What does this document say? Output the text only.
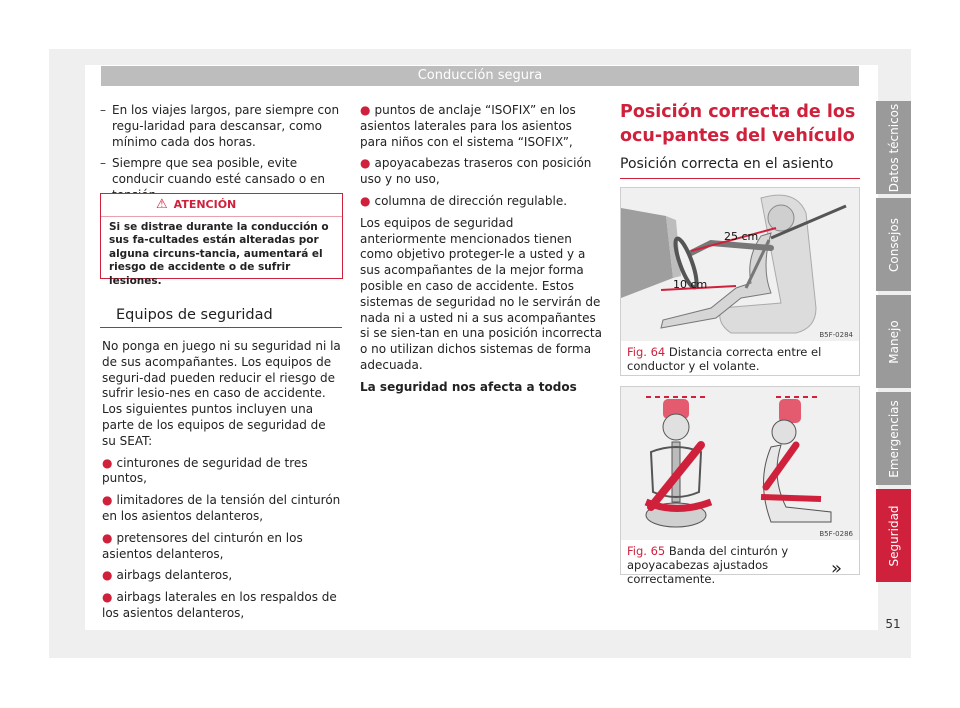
Conducción segura

– En los viajes largos, pare siempre con regu-laridad para descansar, como mínimo cada dos horas.

– Siempre que sea posible, evite conducir cuando esté cansado o en

⚠ ATENCIÓN
Si se distrae durante la conducción o sus fa-cultades están alteradas por alguna circuns-tancia, aumentará el riesgo de accidente o de sufrir lesiones.
Equipos de seguridad

No ponga en juego ni su seguridad ni la de sus acompañantes. Los equipos de seguri-dad pueden reducir el riesgo de sufrir lesio-nes en caso de accidente. Los siguientes puntos incluyen una parte de los equipos de seguridad de su SEAT:

● cinturones de seguridad de tres puntos,

● limitadores de la tensión del cinturón en los asientos delanteros,

● pretensores del cinturón en los asientos delanteros,

● airbags delanteros,

● airbags laterales en los respaldos de los asientos delanteros,

● puntos de anclaje “ISOFIX” en los asientos laterales para los asientos para niños con el sistema “ISOFIX”,

● apoyacabezas traseros con posición uso y no uso,

● columna de dirección regulable.

Los equipos de seguridad anteriormente mencionados tienen como objetivo proteger-le a usted y a sus acompañantes de la mejor forma posible en caso de accidente. Estos sistemas de seguridad no le servirán de nada ni a usted ni a sus acompañantes si se sien-tan en una posición incorrecta o no utilizan dichos sistemas de forma adecuada.

La seguridad nos afecta a todos

Posición correcta de los ocu-pantes del vehículo
Posición correcta en el asiento
25 cm
10 cm
B5F-0284
Fig. 64 Distancia correcta entre el conductor y el volante.
B5F-0286
Fig. 65 Banda del cinturón y apoyacabezas ajustados correctamente.	»
Datos técnicos
Consejos
Manejo
Emergencias
Seguridad
51
